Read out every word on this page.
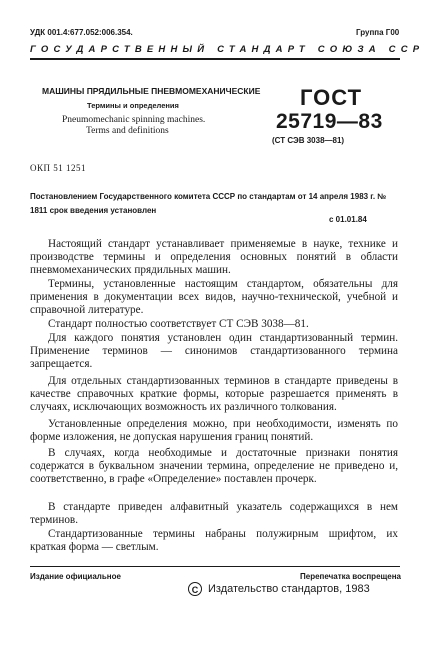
УДК 001.4:677.052:006.354.	Группа Г00
ГОСУДАРСТВЕННЫЙ СТАНДАРТ СОЮЗА ССР
МАШИНЫ ПРЯДИЛЬНЫЕ ПНЕВМОМЕХАНИЧЕСКИЕ
Термины и определения
Pneumomechanic spinning machines.
Terms and definitions
ГОСТ
25719—83
(СТ СЭВ 3038—81)
ОКП 51 1251
Постановлением Государственного комитета СССР по стандартам от 14 апреля 1983 г. № 1811 срок введения установлен
с 01.01.84

Настоящий стандарт устанавливает применяемые в науке, технике и производстве термины и определения основных понятий в области пневмомеханических прядильных машин.

Термины, установленные настоящим стандартом, обязательны для применения в документации всех видов, научно-технической, учебной и справочной литературе.

Стандарт полностью соответствует СТ СЭВ 3038—81.

Для каждого понятия установлен один стандартизованный термин. Применение терминов — синонимов стандартизованного термина запрещается.

Для отдельных стандартизованных терминов в стандарте приведены в качестве справочных краткие формы, которые разрешается применять в случаях, исключающих возможность их различного толкования.

Установленные определения можно, при необходимости, изменять по форме изложения, не допуская нарушения границ понятий.

В случаях, когда необходимые и достаточные признаки понятия содержатся в буквальном значении термина, определение не приведено и, соответственно, в графе «Определение» поставлен прочерк.

В стандарте приведен алфавитный указатель содержащихся в нем терминов.

Стандартизованные термины набраны полужирным шрифтом, их краткая форма — светлым.

Издание официальное	Перепечатка воспрещена
С Издательство стандартов, 1983
